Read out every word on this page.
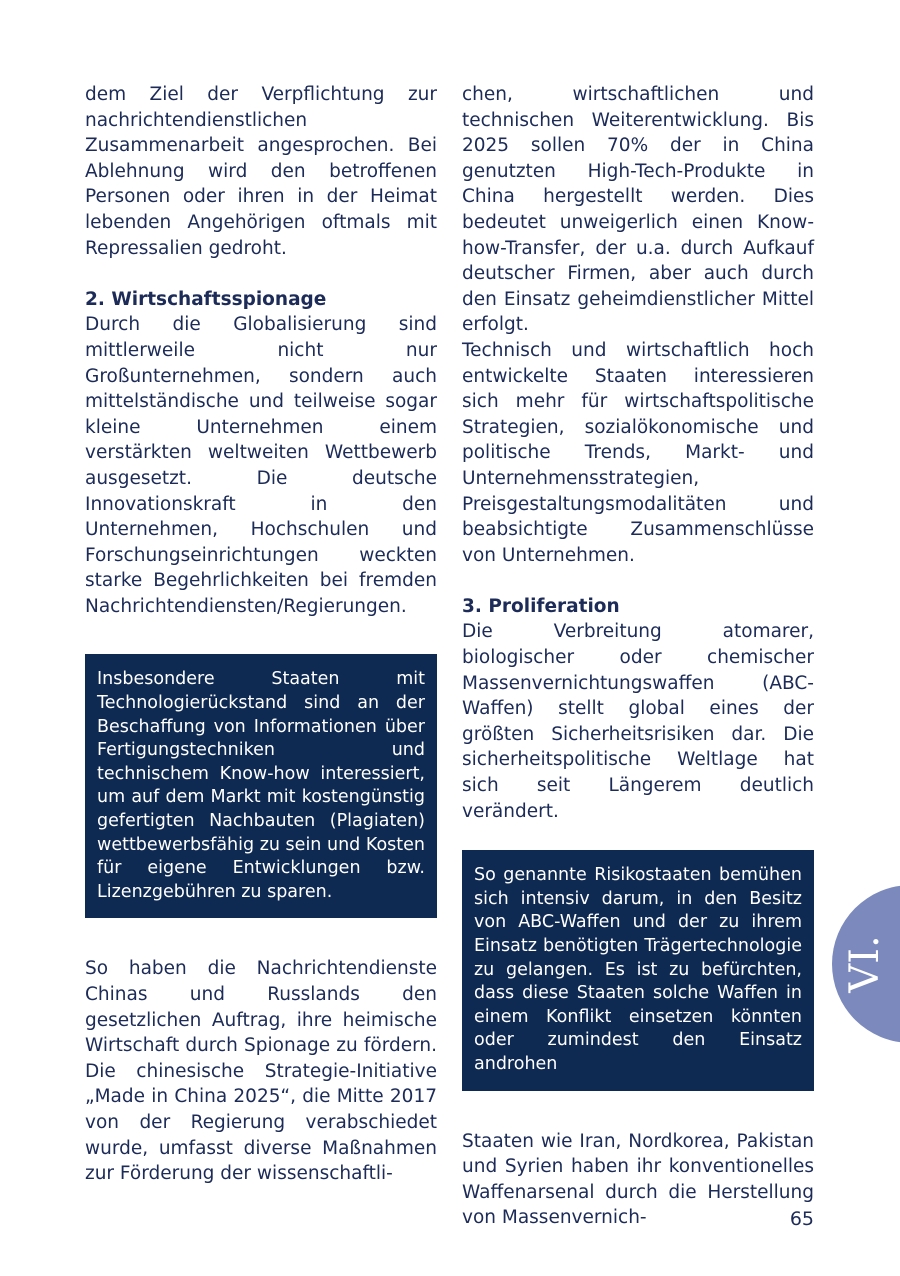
dem Ziel der Verpflichtung zur nachrichtendienstlichen Zusammenarbeit angesprochen. Bei Ablehnung wird den betroffenen Personen oder ihren in der Heimat lebenden Angehörigen oftmals mit Repressalien gedroht.

2. Wirtschaftsspionage

Durch die Globalisierung sind mittlerweile nicht nur Großunternehmen, sondern auch mittelständische und teilweise sogar kleine Unternehmen einem verstärkten weltweiten Wettbewerb ausgesetzt. Die deutsche Innovationskraft in den Unternehmen, Hochschulen und Forschungseinrichtungen weckten starke Begehrlichkeiten bei fremden Nachrichtendiensten/Regierungen.

Insbesondere Staaten mit Technologierückstand sind an der Beschaffung von Informationen über Fertigungstechniken und technischem Know-how interessiert, um auf dem Markt mit kostengünstig gefertigten Nachbauten (Plagiaten) wettbewerbsfähig zu sein und Kosten für eigene Entwicklungen bzw. Lizenzgebühren zu sparen.

So haben die Nachrichtendienste Chinas und Russlands den gesetzlichen Auftrag, ihre heimische Wirtschaft durch Spionage zu fördern. Die chinesische Strategie-Initiative „Made in China 2025“, die Mitte 2017 von der Regierung verabschiedet wurde, umfasst diverse Maßnahmen zur Förderung der wissenschaftli-

chen, wirtschaftlichen und technischen Weiterentwicklung. Bis 2025 sollen 70% der in China genutzten High-Tech-Produkte in China hergestellt werden. Dies bedeutet unweigerlich einen Know-how-Transfer, der u.a. durch Aufkauf deutscher Firmen, aber auch durch den Einsatz geheimdienstlicher Mittel erfolgt.

Technisch und wirtschaftlich hoch entwickelte Staaten interessieren sich mehr für wirtschaftspolitische Strategien, sozialökonomische und politische Trends, Markt- und Unternehmensstrategien, Preisgestaltungsmodalitäten und beabsichtigte Zusammenschlüsse von Unternehmen.

3. Proliferation

Die Verbreitung atomarer, biologischer oder chemischer Massenvernichtungswaffen (ABC-Waffen) stellt global eines der größten Sicherheitsrisiken dar. Die sicherheitspolitische Weltlage hat sich seit Längerem deutlich verändert.

So genannte Risikostaaten bemühen sich intensiv darum, in den Besitz von ABC-Waffen und der zu ihrem Einsatz benötigten Trägertechnologie zu gelangen. Es ist zu befürchten, dass diese Staaten solche Waffen in einem Konflikt einsetzen könnten oder zumindest den Einsatz androhen

Staaten wie Iran, Nordkorea, Pakistan und Syrien haben ihr konventionelles Waffenarsenal durch die Herstellung von Massenvernich-

VI.
65
